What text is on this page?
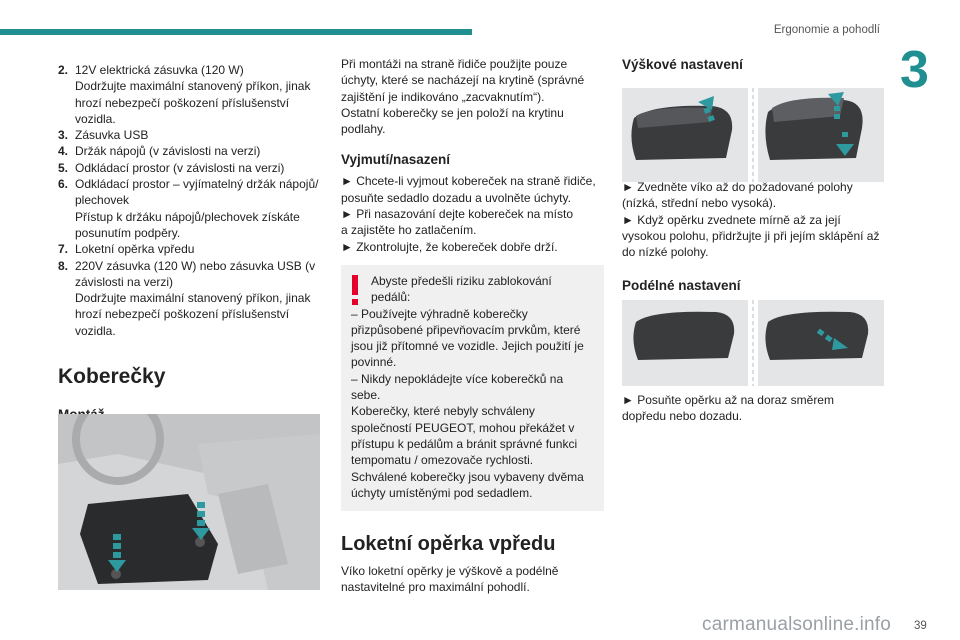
Ergonomie a pohodlí
3
2. 12V elektrická zásuvka (120 W)
Dodržujte maximální stanovený příkon, jinak
hrozí nebezpečí poškození příslušenství
vozidla.
3. Zásuvka USB
4. Držák nápojů (v závislosti na verzi)
5. Odkládací prostor (v závislosti na verzi)
6. Odkládací prostor – vyjímatelný držák nápojů/
plechovek
Přístup k držáku nápojů/plechovek získáte
posunutím podpěry.
7. Loketní opěrka vpředu
8. 220V zásuvka (120 W) nebo zásuvka USB (v
závislosti na verzi)
Dodržujte maximální stanovený příkon, jinak
hrozí nebezpečí poškození příslušenství
vozidla.
Koberečky
Při montáži na straně řidiče použijte pouze
úchyty, které se nacházejí na krytině (správné
zajištění je indikováno „zacvaknutím“).
Ostatní koberečky se jen položí na krytinu
podlahy.
Vyjmutí/nasazení
► Chcete-li vyjmout kobereček na straně řidiče,
posuňte sedadlo dozadu a uvolněte úchyty.
► Při nasazování dejte kobereček na místo
a zajistěte ho zatlačením.
► Zkontrolujte, že kobereček dobře drží.
Abyste předešli riziku zablokování
pedálů:
– Používejte výhradně koberečky
přizpůsobené připevňovacím prvkům, které
jsou již přítomné ve vozidle. Jejich použití je
povinné.
– Nikdy nepokládejte více koberečků na
sebe.
Koberečky, které nebyly schváleny
společností PEUGEOT, mohou překážet v
přístupu k pedálům a bránit správné funkci
tempomatu / omezovače rychlosti.
Schválené koberečky jsou vybaveny dvěma
úchyty umístěnými pod sedadlem.
Loketní opěrka vpředu
Víko loketní opěrky je výškově a podélně
nastavitelné pro maximální pohodlí.
Výškové nastavení
► Zvedněte víko až do požadované polohy
(nízká, střední nebo vysoká).
► Když opěrku zvednete mírně až za její
vysokou polohu, přidržujte ji při jejím sklápění až
do nízké polohy.
Podélné nastavení
► Posuňte opěrku až na doraz směrem
dopředu nebo dozadu.
carmanualsonline.info 39
